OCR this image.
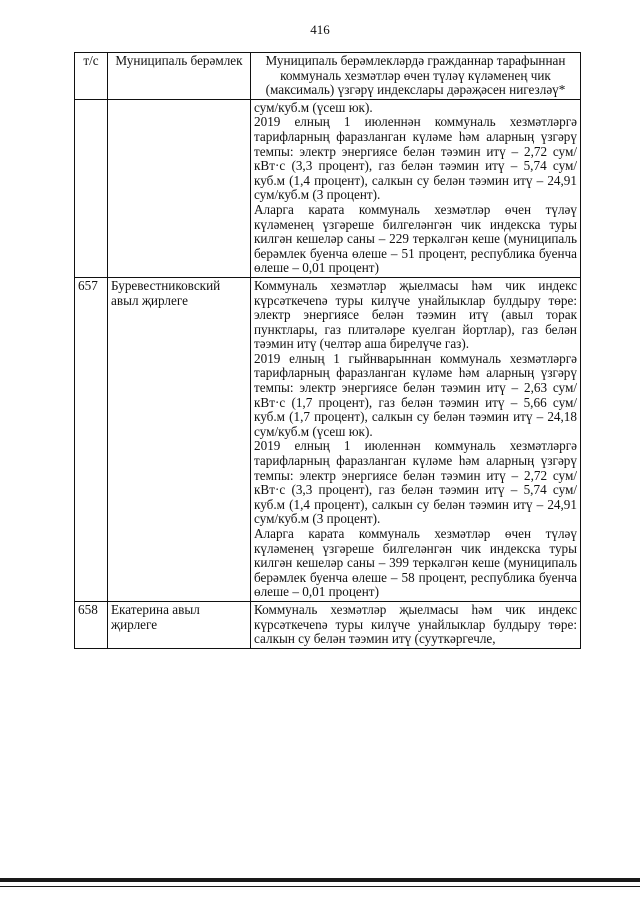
416
т/с	Муниципаль берәмлек	Муниципаль берәмлекләрдә гражданнар тарафыннан коммуналь хезмәтләр өчен түләү күләменең чик (максималь) үзгәрү индекслары дәрәҗәсен нигезләү*

		сум/куб.м (үсеш юк).

2019 елның 1 июленнән коммуналь хезмәтләргә тарифларның фаразланган күләме һәм аларның үзгәрү темпы: электр энергиясе белән тәэмин итү – 2,72 сум/кВт·с (3,3 процент), газ белән тәэмин итү – 5,74 сум/куб.м (1,4 процент), салкын су белән тәэмин итү – 24,91 сум/куб.м (3 процент).

Аларга карата коммуналь хезмәтләр өчен түләү күләменең үзгәреше билгеләнгән чик индекска туры килгән кешеләр саны – 229 теркәлгән кеше (муниципаль берәмлек буенча өлеше – 51 процент, республика буенча өлеше – 0,01 процент)

657	Буревестниковский авыл җирлеге	Коммуналь хезмәтләр җыелмасы һәм чик индекс күрсәткечenә туры килүче унайлыклар булдыру төре: электр энергиясе белән тәэмин итү (авыл торак пунктлары, газ плитәләре куелган йортлар), газ белән тәэмин итү (челтәр аша бирелүче газ).

2019 елның 1 гыйнварыннан коммуналь хезмәтләргә тарифларның фаразланган күләме һәм аларның үзгәрү темпы: электр энергиясе белән тәэмин итү – 2,63 сум/кВт·с (1,7 процент), газ белән тәэмин итү – 5,66 сум/куб.м (1,7 процент), салкын су белән тәэмин итү – 24,18 сум/куб.м (үсеш юк).

2019 елның 1 июленнән коммуналь хезмәтләргә тарифларның фаразланган күләме һәм аларның үзгәрү темпы: электр энергиясе белән тәэмин итү – 2,72 сум/кВт·с (3,3 процент), газ белән тәэмин итү – 5,74 сум/куб.м (1,4 процент), салкын су белән тәэмин итү – 24,91 сум/куб.м (3 процент).

Аларга карата коммуналь хезмәтләр өчен түләү күләменең үзгәреше билгеләнгән чик индекска туры килгән кешеләр саны – 399 теркәлгән кеше (муниципаль берәмлек буенча өлеше – 58 процент, республика буенча өлеше – 0,01 процент)

658	Екатерина авыл җирлеге	Коммуналь хезмәтләр җыелмасы һәм чик индекс күрсәткечenә туры килүче унайлыклар булдыру төре: салкын су белән тәэмин итү (сууткәргечле,
